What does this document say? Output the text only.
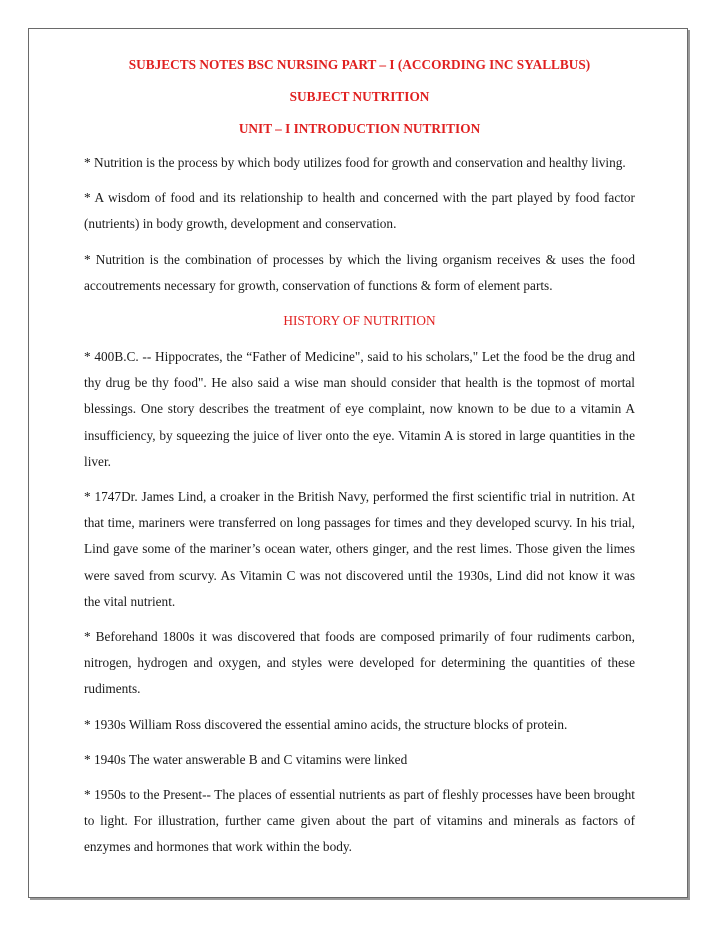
SUBJECTS NOTES BSC NURSING PART – I (ACCORDING INC SYALLBUS)

SUBJECT NUTRITION

UNIT – I INTRODUCTION NUTRITION

* Nutrition is the process by which body utilizes food for growth and conservation and healthy living.

* A wisdom of food and its relationship to health and concerned with the part played by food factor (nutrients) in body growth, development and conservation.

* Nutrition is the combination of processes by which the living organism receives & uses the food accoutrements necessary for growth, conservation of functions & form of element parts.

HISTORY OF NUTRITION

* 400B.C. -- Hippocrates, the “Father of Medicine", said to his scholars," Let the food be the drug and thy drug be thy food". He also said a wise man should consider that health is the topmost of mortal blessings. One story describes the treatment of eye complaint, now known to be due to a vitamin A insufficiency, by squeezing the juice of liver onto the eye. Vitamin A is stored in large quantities in the liver.

* 1747Dr. James Lind, a croaker in the British Navy, performed the first scientific trial in nutrition. At that time, mariners were transferred on long passages for times and they developed scurvy. In his trial, Lind gave some of the mariner’s ocean water, others ginger, and the rest limes. Those given the limes were saved from scurvy. As Vitamin C was not discovered until the 1930s, Lind did not know it was the vital nutrient.

* Beforehand 1800s it was discovered that foods are composed primarily of four rudiments carbon, nitrogen, hydrogen and oxygen, and styles were developed for determining the quantities of these rudiments.

* 1930s William Ross discovered the essential amino acids, the structure blocks of protein.

* 1940s The water answerable B and C vitamins were linked

* 1950s to the Present-- The places of essential nutrients as part of fleshly processes have been brought to light. For illustration, further came given about the part of vitamins and minerals as factors of enzymes and hormones that work within the body.
